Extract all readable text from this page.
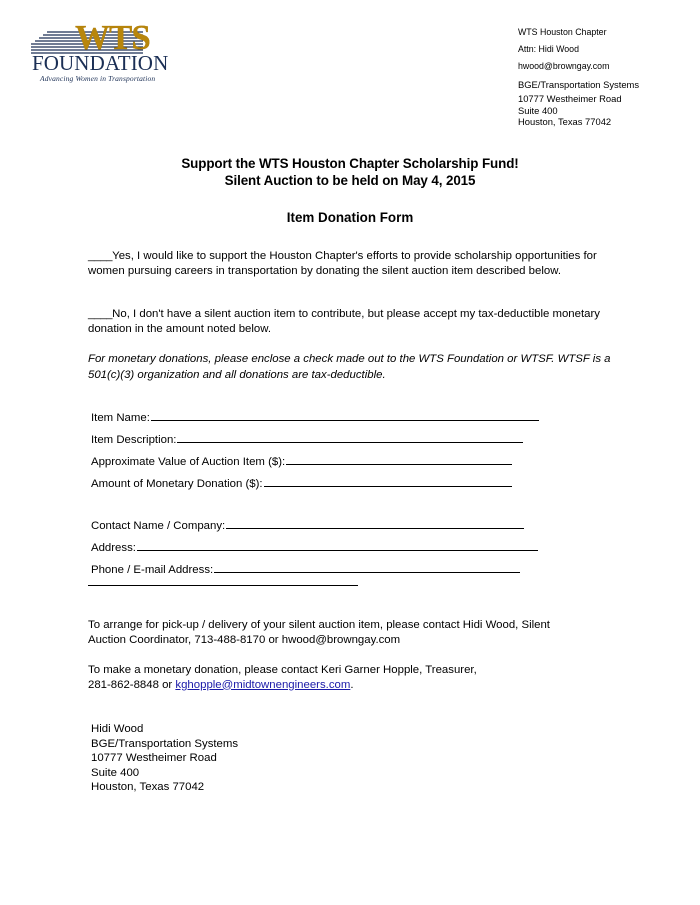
WTS
FOUNDATION
Advancing Women in Transportation
WTS Houston Chapter
Attn: Hidi Wood
hwood@browngay.com
BGE/Transportation Systems
10777 Westheimer Road
Suite 400
Houston, Texas 77042
Support the WTS Houston Chapter Scholarship Fund!
Silent Auction to be held on May 4, 2015
Item Donation Form
____Yes, I would like to support the Houston Chapter's efforts to provide scholarship opportunities for women pursuing careers in transportation by donating the silent auction item described below.
____No, I don't have a silent auction item to contribute, but please accept my tax-deductible monetary donation in the amount noted below.
For monetary donations, please enclose a check made out to the WTS Foundation or WTSF. WTSF is a 501(c)(3) organization and all donations are tax-deductible.
Item Name:
Item Description:
Approximate Value of Auction Item ($):
Amount of Monetary Donation ($):
Contact Name / Company:
Address:
Phone / E-mail Address:
To arrange for pick-up / delivery of your silent auction item, please contact Hidi Wood, Silent
Auction Coordinator, 713-488-8170 or hwood@browngay.com
To make a monetary donation, please contact Keri Garner Hopple, Treasurer,
281-862-8848 or kghopple@midtownengineers.com.
Hidi Wood
BGE/Transportation Systems
10777 Westheimer Road
Suite 400
Houston, Texas 77042
